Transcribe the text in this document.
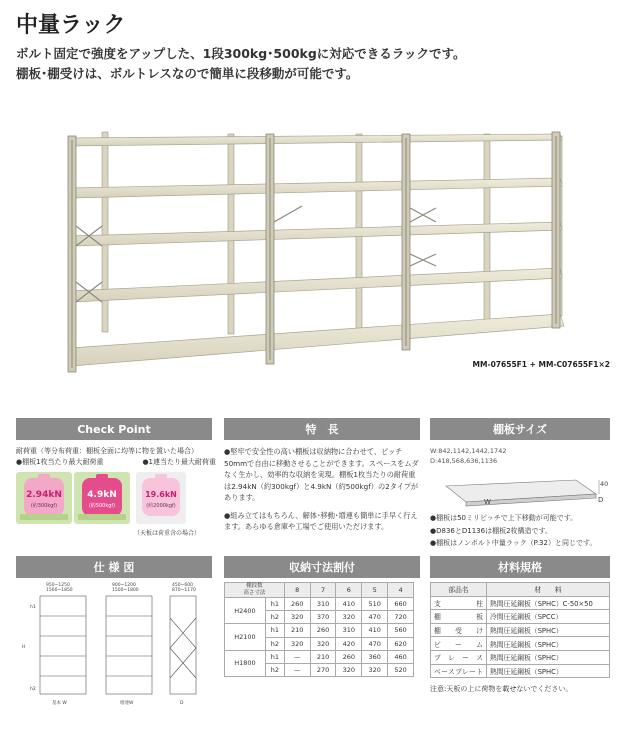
中量ラック
ボルト固定で強度をアップした、1段300kg･500kgに対応できるラックです。
棚板･棚受けは、ボルトレスなので簡単に段移動が可能です。
MM-07655F1 + MM-C07655F1×2
Check Point	特　長	棚板サイズ
仕 様 図	収納寸法割付	材料規格
耐荷重（等分布荷重：棚板全面に均等に物を置いた場合）
●棚板1枚当たり最大耐荷重	●1連当たり最大耐荷重
2.94kN
(約300kgf)
4.9kN
(約500kgf)
19.6kN
(約2000kgf)
（天板は荷重含の場合）

●堅牢で安全性の高い棚板は収納物に合わせて、ピッチ50mmで自由に移動させることができます。スペースをムダなく生かし、効率的な収納を実現。棚板1枚当たりの耐荷重は2.94kN（約300kgf）と4.9kN（約500kgf）の2タイプがあります。

●組み立てはもちろん、解体･移動･増連も簡単に手早く行えます。あらゆる倉庫や工場でご使用いただけます。

W:842,1142,1442,1742
D:418,568,636,1136
40
W	D
●棚板は50ミリピッチで上下移動が可能です。
●D836とD1136は棚板2枚構造です。
●棚板はノンボルト中量ラック（P.32）と同じです。
950~1250
1560~1850
900~1200
1500~1800
450~600
870~1170
基本 W	増連W	D
H
h1
h2
棚段数
高さ寸法		8	7	6	5	4
H2400	h1	260	310	410	510	660
	h2	320	370	320	470	720
H2100	h1	210	260	310	410	560
	h2	320	320	420	470	620
H1800	h1	—	210	260	360	460
	h2	—	270	320	320	520
部品名	材　　料
支柱	熱間圧延鋼板（SPHC）C-50×50
棚板	冷間圧延鋼板（SPCC）
棚受け	熱間圧延鋼板（SPHC）
ビーム	熱間圧延鋼板（SPHC）
ブレース	熱間圧延鋼板（SPHC）
ベースプレート	熱間圧延鋼板（SPHC）
注意:天板の上に荷物を載せないでください。
